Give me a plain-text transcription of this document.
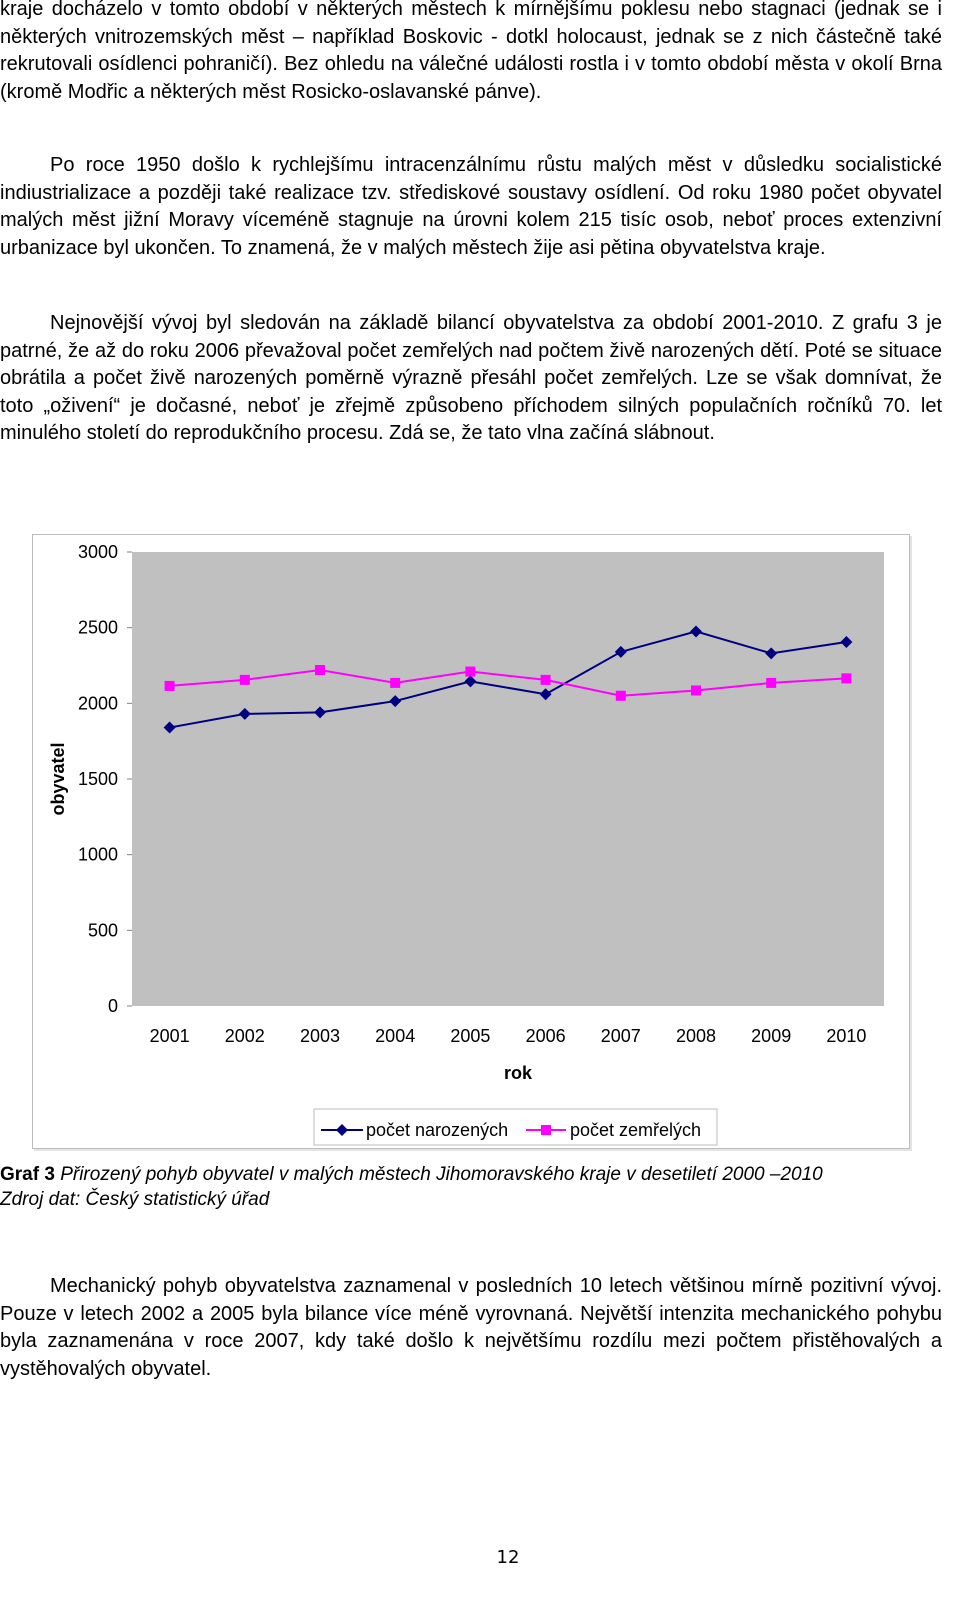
kraje docházelo v tomto období v některých městech k mírnějšímu poklesu nebo stagnaci (jednak se i některých vnitrozemských měst – například Boskovic - dotkl holocaust, jednak se z nich částečně také rekrutovali osídlenci pohraničí). Bez ohledu na válečné události rostla i v tomto období města v okolí Brna (kromě Modřic a některých měst Rosicko-oslavanské pánve).

Po roce 1950 došlo k rychlejšímu intracenzálnímu růstu malých měst v důsledku socialistické indiustrializace a později také realizace tzv. střediskové soustavy osídlení. Od roku 1980 počet obyvatel malých měst jižní Moravy víceméně stagnuje na úrovni kolem 215 tisíc osob, neboť proces extenzivní urbanizace byl ukončen. To znamená, že v malých městech žije asi pětina obyvatelstva kraje.

Nejnovější vývoj byl sledován na základě bilancí obyvatelstva za období 2001-2010. Z grafu 3 je patrné, že až do roku 2006 převažoval počet zemřelých nad počtem živě narozených dětí. Poté se situace obrátila a počet živě narozených poměrně výrazně přesáhl počet zemřelých. Lze se však domnívat, že toto „oživení“ je dočasné, neboť je zřejmě způsobeno příchodem silných populačních ročníků 70. let minulého století do reprodukčního procesu. Zdá se, že tato vlna začíná slábnout.

0
500
1000
1500
2000
2500
3000
2001 2002 2003 2004 2005 2006 2007 2008 2009 2010
obyvatel
rok
počet narozených	počet zemřelých
Graf 3 Přirozený pohyb obyvatel v malých městech Jihomoravského kraje v desetiletí 2000 –2010
Zdroj dat: Český statistický úřad

Mechanický pohyb obyvatelstva zaznamenal v posledních 10 letech většinou mírně pozitivní vývoj. Pouze v letech 2002 a 2005 byla bilance více méně vyrovnaná. Největší intenzita mechanického pohybu byla zaznamenána v roce 2007, kdy také došlo k největšímu rozdílu mezi počtem přistěhovalých a vystěhovalých obyvatel.

12
